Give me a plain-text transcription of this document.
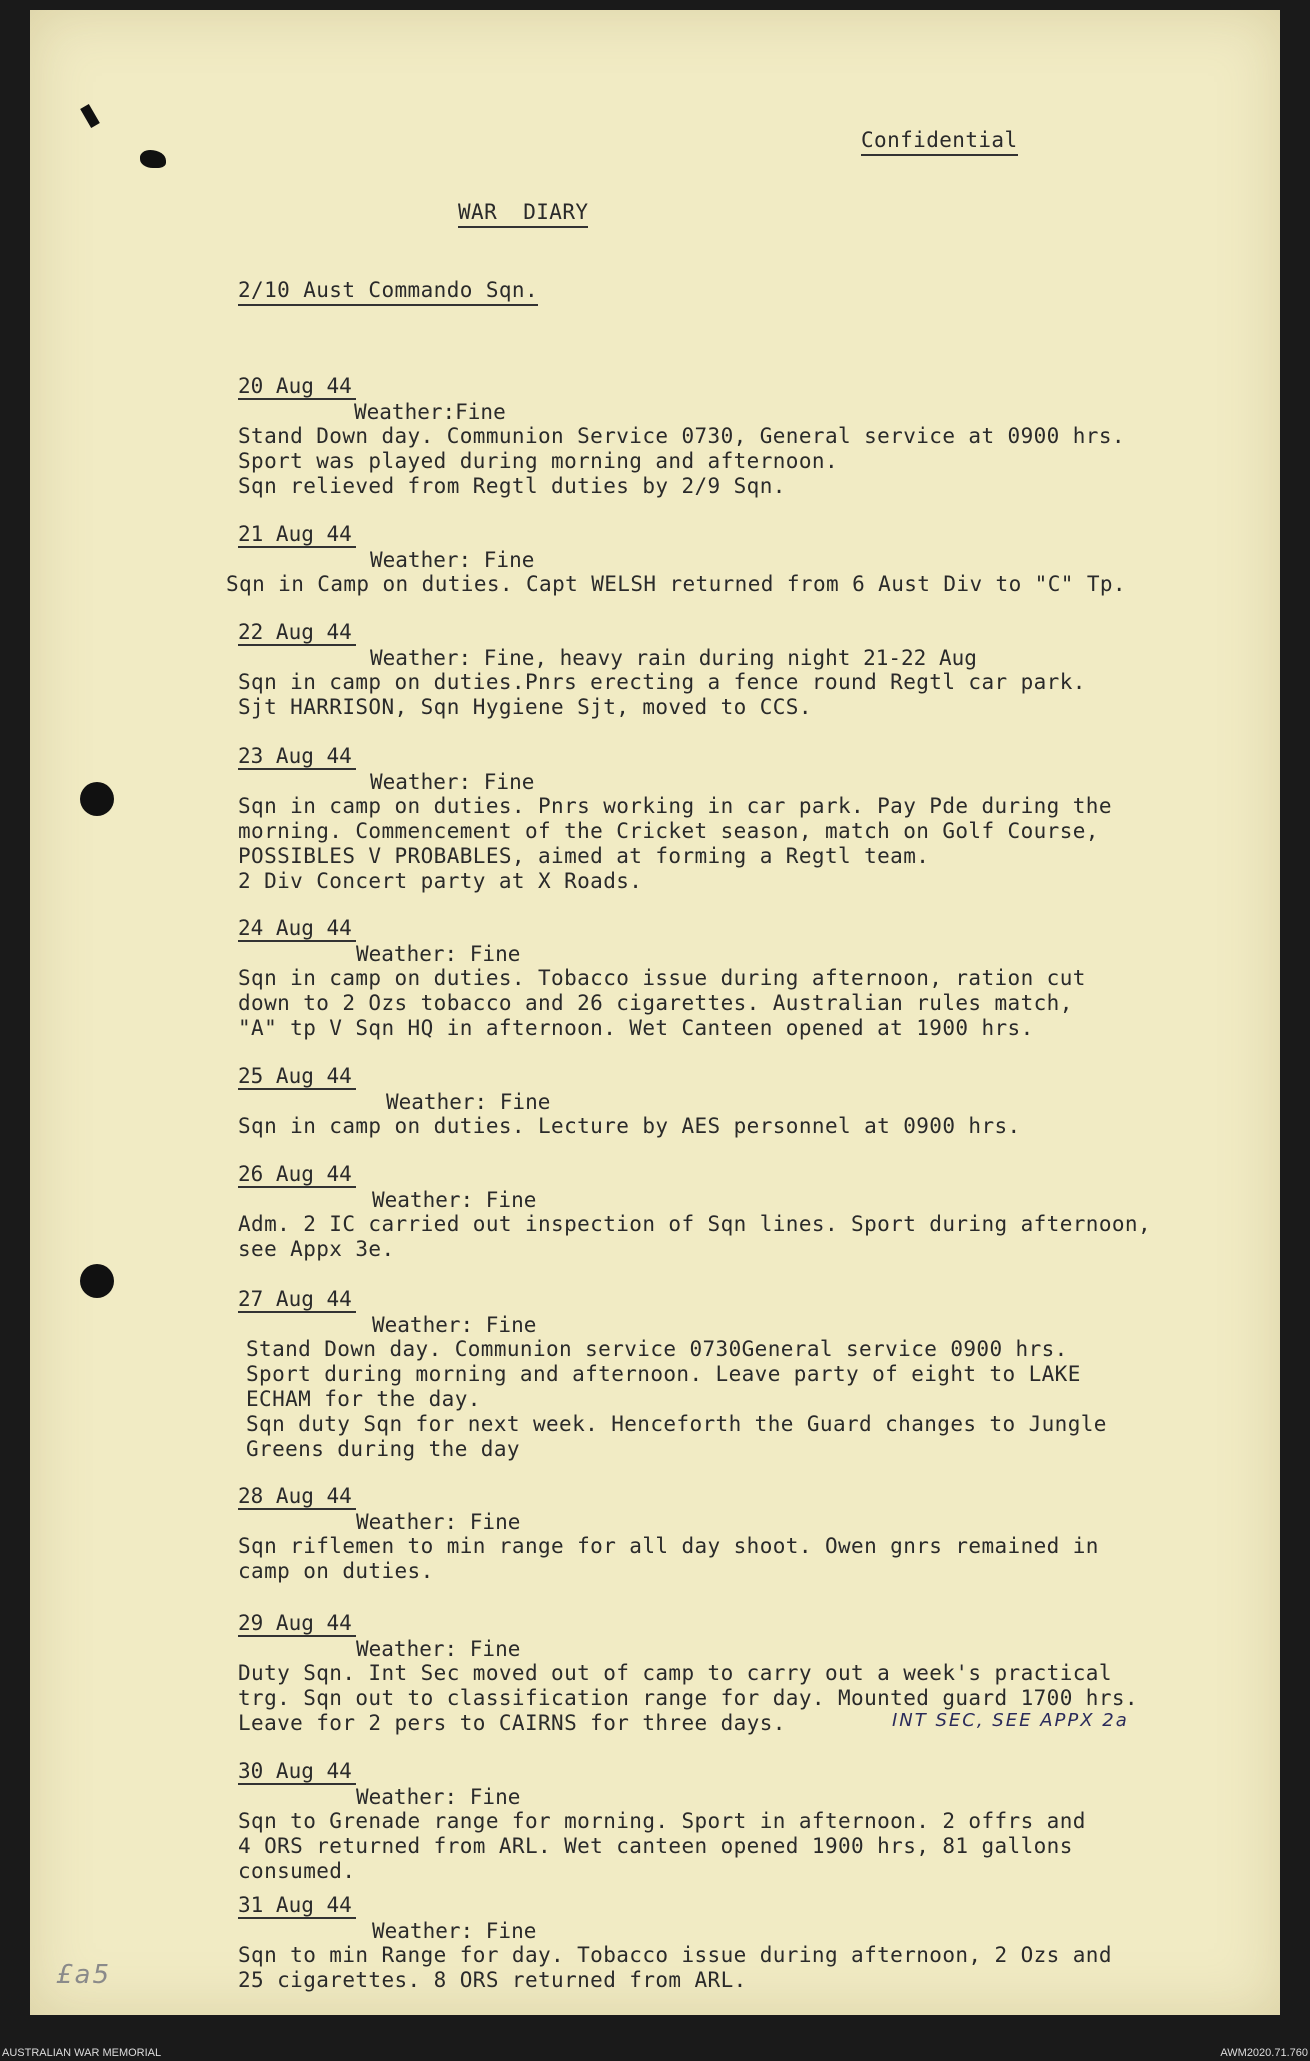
Confidential
WAR  DIARY
2/10 Aust Commando Sqn.
20 Aug 44
Weather:Fine
Stand Down day. Communion Service 0730, General service at 0900 hrs.
Sport was played during morning and afternoon.
Sqn relieved from Regtl duties by 2/9 Sqn.
21 Aug 44
Weather: Fine
Sqn in Camp on duties. Capt WELSH returned from 6 Aust Div to "C" Tp.
22 Aug 44
Weather: Fine, heavy rain during night 21-22 Aug
Sqn in camp on duties.Pnrs erecting a fence round Regtl car park.
Sjt HARRISON, Sqn Hygiene Sjt, moved to CCS.
23 Aug 44
Weather: Fine
Sqn in camp on duties. Pnrs working in car park. Pay Pde during the
morning. Commencement of the Cricket season, match on Golf Course,
POSSIBLES V PROBABLES, aimed at forming a Regtl team.
2 Div Concert party at X Roads.
24 Aug 44
Weather: Fine
Sqn in camp on duties. Tobacco issue during afternoon, ration cut
down to 2 Ozs tobacco and 26 cigarettes. Australian rules match,
"A" tp V Sqn HQ in afternoon. Wet Canteen opened at 1900 hrs.
25 Aug 44
Weather: Fine
Sqn in camp on duties. Lecture by AES personnel at 0900 hrs.
26 Aug 44
Weather: Fine
Adm. 2 IC carried out inspection of Sqn lines. Sport during afternoon,
see Appx 3e.
27 Aug 44
Weather: Fine
Stand Down day. Communion service 0730General service 0900 hrs.
Sport during morning and afternoon. Leave party of eight to LAKE
ECHAM for the day.
Sqn duty Sqn for next week. Henceforth the Guard changes to Jungle
Greens during the day
28 Aug 44
Weather: Fine
Sqn riflemen to min range for all day shoot. Owen gnrs remained in
camp on duties.
29 Aug 44
Weather: Fine
Duty Sqn. Int Sec moved out of camp to carry out a week's practical
trg. Sqn out to classification range for day. Mounted guard 1700 hrs.
Leave for 2 pers to CAIRNS for three days.
30 Aug 44
Weather: Fine
Sqn to Grenade range for morning. Sport in afternoon. 2 offrs and
4 ORS returned from ARL. Wet canteen opened 1900 hrs, 81 gallons
consumed.
31 Aug 44
Weather: Fine
Sqn to min Range for day. Tobacco issue during afternoon, 2 Ozs and
25 cigarettes. 8 ORS returned from ARL.
INT SEC, SEE APPX 2a
£a5
AUSTRALIAN WAR MEMORIAL	AWM2020.71.760
